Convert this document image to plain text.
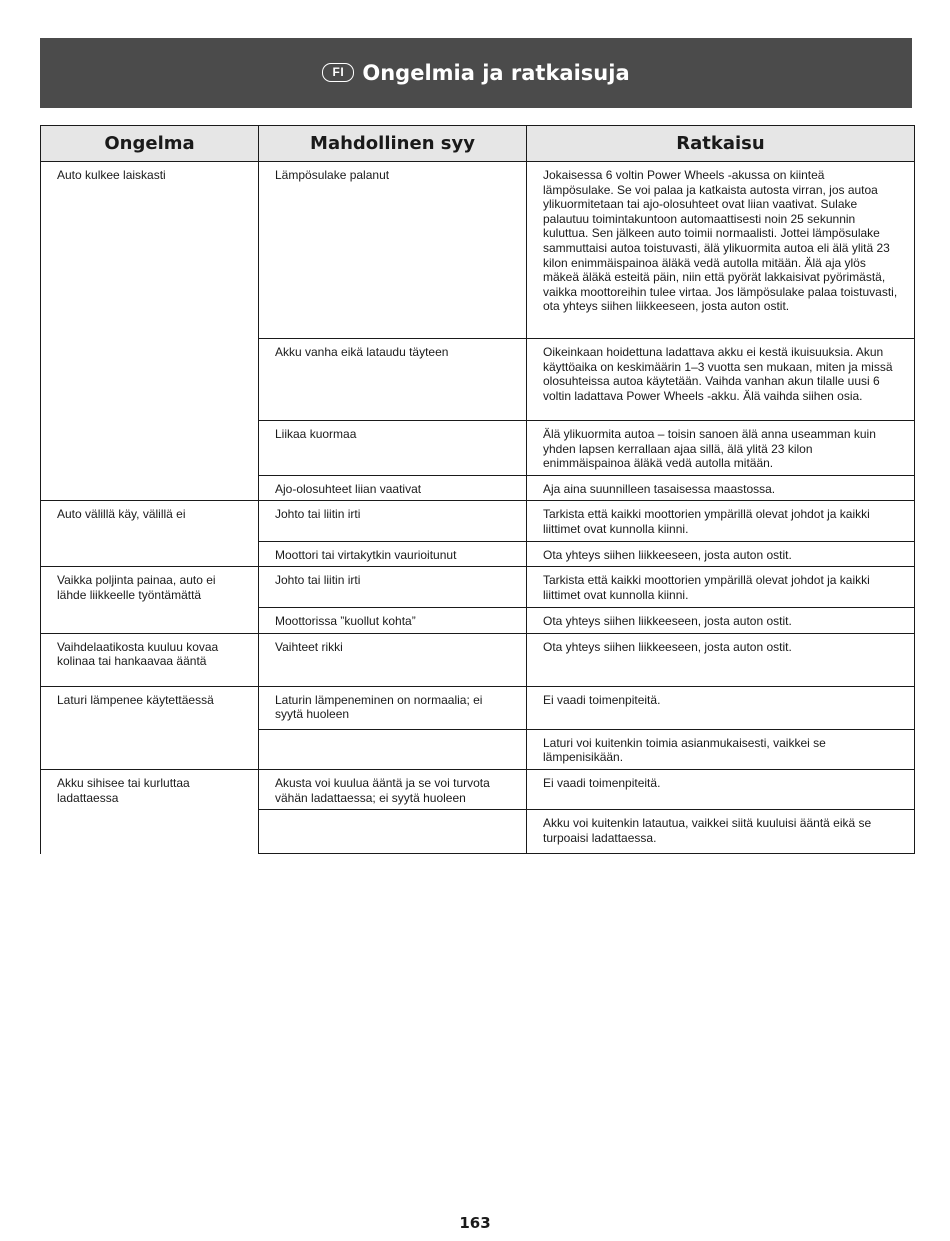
FI Ongelmia ja ratkaisuja
Ongelma	Mahdollinen syy	Ratkaisu
Auto kulkee laiskasti	Lämpösulake palanut	Jokaisessa 6 voltin Power Wheels -akussa on kiinteä lämpösulake. Se voi palaa ja katkaista autosta virran, jos autoa ylikuormitetaan tai ajo-olosuhteet ovat liian vaativat. Sulake palautuu toimintakuntoon automaattisesti noin 25 sekunnin kuluttua. Sen jälkeen auto toimii normaalisti. Jottei lämpösulake sammuttaisi autoa toistuvasti, älä ylikuormita autoa eli älä ylitä 23 kilon enimmäispainoa äläkä vedä autolla mitään. Älä aja ylös mäkeä äläkä esteitä päin, niin että pyörät lakkaisivat pyörimästä, vaikka moottoreihin tulee virtaa. Jos lämpösulake palaa toistuvasti, ota yhteys siihen liikkeeseen, josta auton ostit.
	Akku vanha eikä lataudu täyteen	Oikeinkaan hoidettuna ladattava akku ei kestä ikuisuuksia. Akun käyttöaika on keskimäärin 1–3 vuotta sen mukaan, miten ja missä olosuhteissa autoa käytetään. Vaihda vanhan akun tilalle uusi 6 voltin ladattava Power Wheels -akku. Älä vaihda siihen osia.
	Liikaa kuormaa	Älä ylikuormita autoa – toisin sanoen älä anna useamman kuin yhden lapsen kerrallaan ajaa sillä, älä ylitä 23 kilon enimmäispainoa äläkä vedä autolla mitään.
	Ajo-olosuhteet liian vaativat	Aja aina suunnilleen tasaisessa maastossa.
Auto välillä käy, välillä ei	Johto tai liitin irti	Tarkista että kaikki moottorien ympärillä olevat johdot ja kaikki liittimet ovat kunnolla kiinni.
	Moottori tai virtakytkin vaurioitunut	Ota yhteys siihen liikkeeseen, josta auton ostit.
Vaikka poljinta painaa, auto ei lähde liikkeelle työntämättä	Johto tai liitin irti	Tarkista että kaikki moottorien ympärillä olevat johdot ja kaikki liittimet ovat kunnolla kiinni.
	Moottorissa ”kuollut kohta”	Ota yhteys siihen liikkeeseen, josta auton ostit.
Vaihdelaatikosta kuuluu kovaa kolinaa tai hankaavaa ääntä	Vaihteet rikki	Ota yhteys siihen liikkeeseen, josta auton ostit.
Laturi lämpenee käytettäessä	Laturin lämpeneminen on normaalia; ei syytä huoleen	Ei vaadi toimenpiteitä.
		Laturi voi kuitenkin toimia asianmukaisesti, vaikkei se lämpenisikään.
Akku sihisee tai kurluttaa ladattaessa	Akusta voi kuulua ääntä ja se voi turvota vähän ladattaessa; ei syytä huoleen	Ei vaadi toimenpiteitä.
		Akku voi kuitenkin latautua, vaikkei siitä kuuluisi ääntä eikä se turpoaisi ladattaessa.
163
